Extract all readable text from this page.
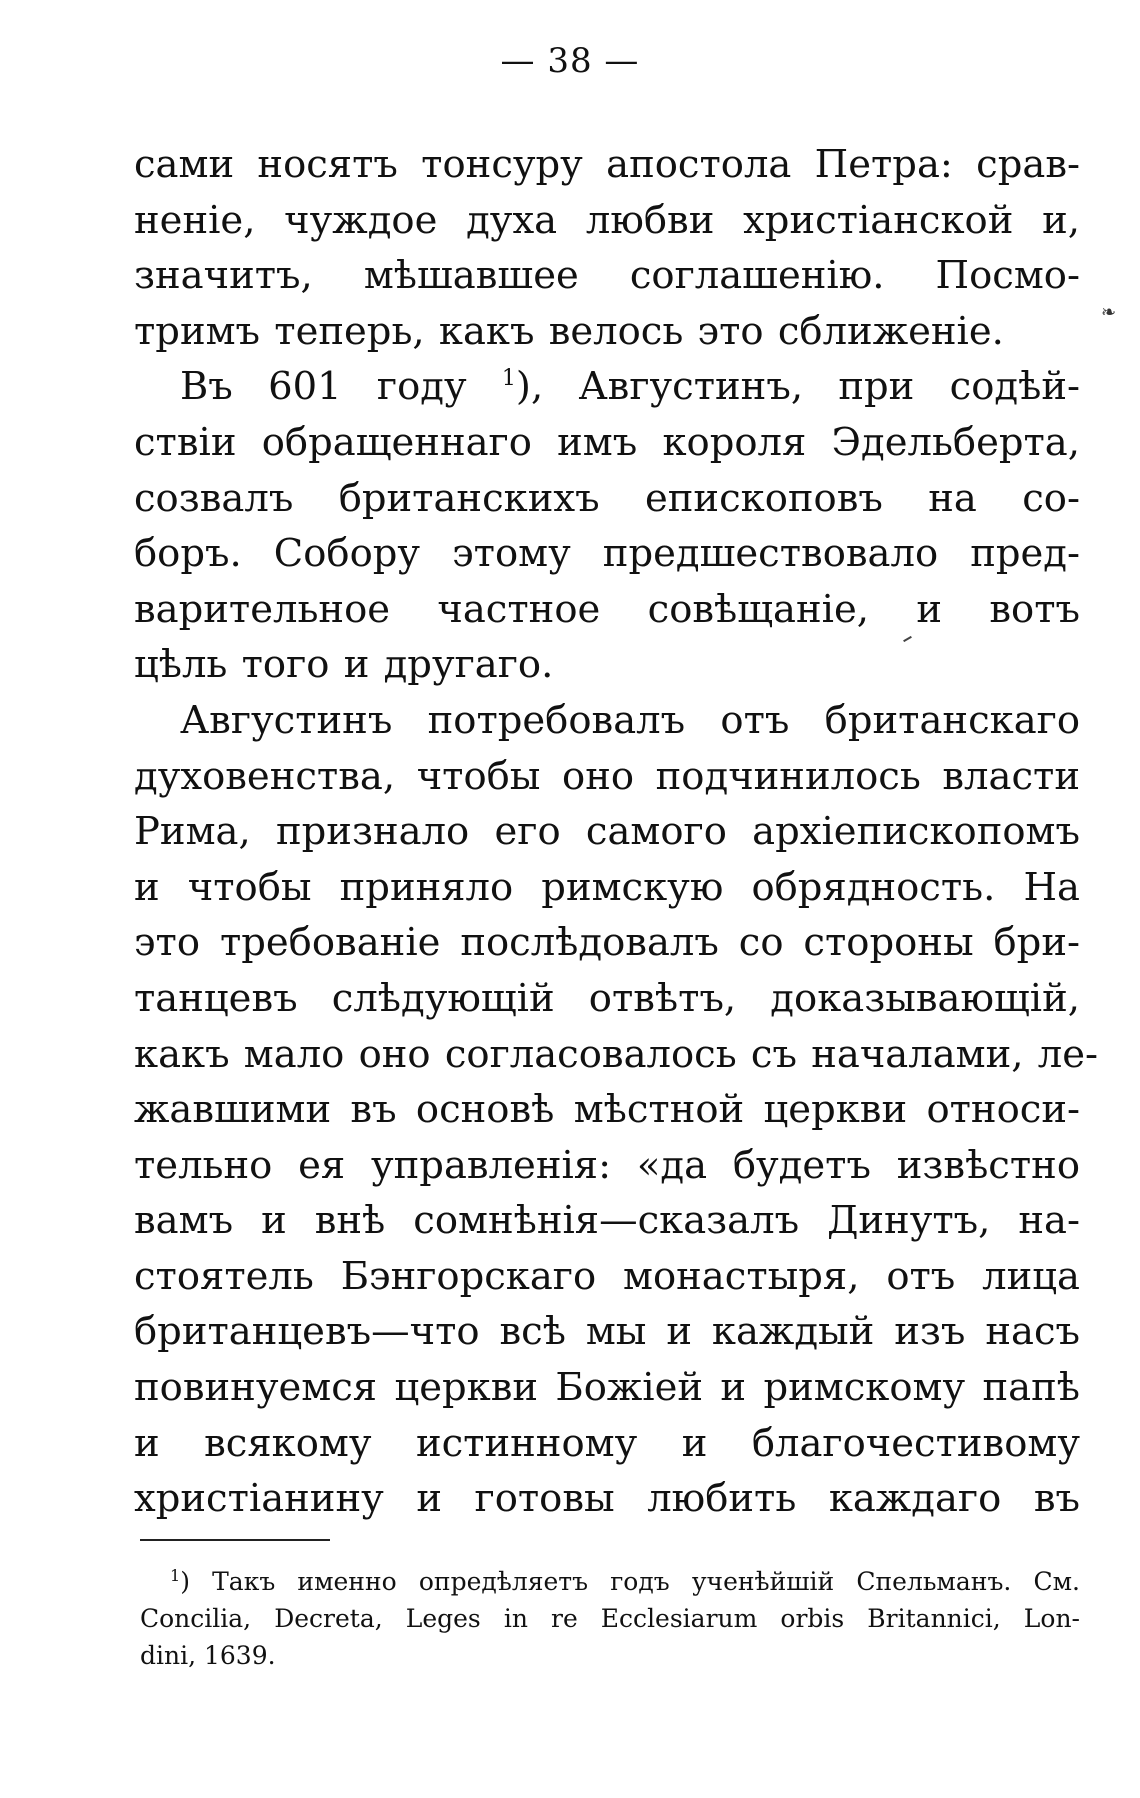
— 38 —
сами носятъ тонсуру апостола Петра: срав-
неніе, чуждое духа любви христіанской и,
значитъ, мѣшавшее соглашенію. Посмо-
тримъ теперь, какъ велось это сближеніе.
Въ 601 году $^1$), Августинъ, при содѣй-
ствіи обращеннаго имъ короля Эдельберта,
созвалъ британскихъ епископовъ на со-
боръ. Собору этому предшествовало пред-
варительное частное совѣщаніе, и вотъ
цѣль того и другаго.
Августинъ потребовалъ отъ британскаго
духовенства, чтобы оно подчинилось власти
Рима, признало его самого архіепископомъ
и чтобы приняло римскую обрядность. На
это требованіе послѣдовалъ со стороны бри-
танцевъ слѣдующій отвѣтъ, доказывающій,
какъ мало оно согласовалось съ началами, ле-
жавшими въ основѣ мѣстной церкви относи-
тельно ея управленія: «да будетъ извѣстно
вамъ и внѣ сомнѣнія—сказалъ Динутъ, на-
стоятель Бэнгорскаго монастыря, отъ лица
британцевъ—что всѣ мы и каждый изъ насъ
повинуемся церкви Божіей и римскому папѣ
и всякому истинному и благочестивому
христіанину и готовы любить каждаго въ
❧
$^1$) Такъ именно опредѣляетъ годъ ученѣйшій Спельманъ. См.
Concilia, Decreta, Leges in re Ecclesiarum orbis Britannici, Lon-
dini, 1639.
